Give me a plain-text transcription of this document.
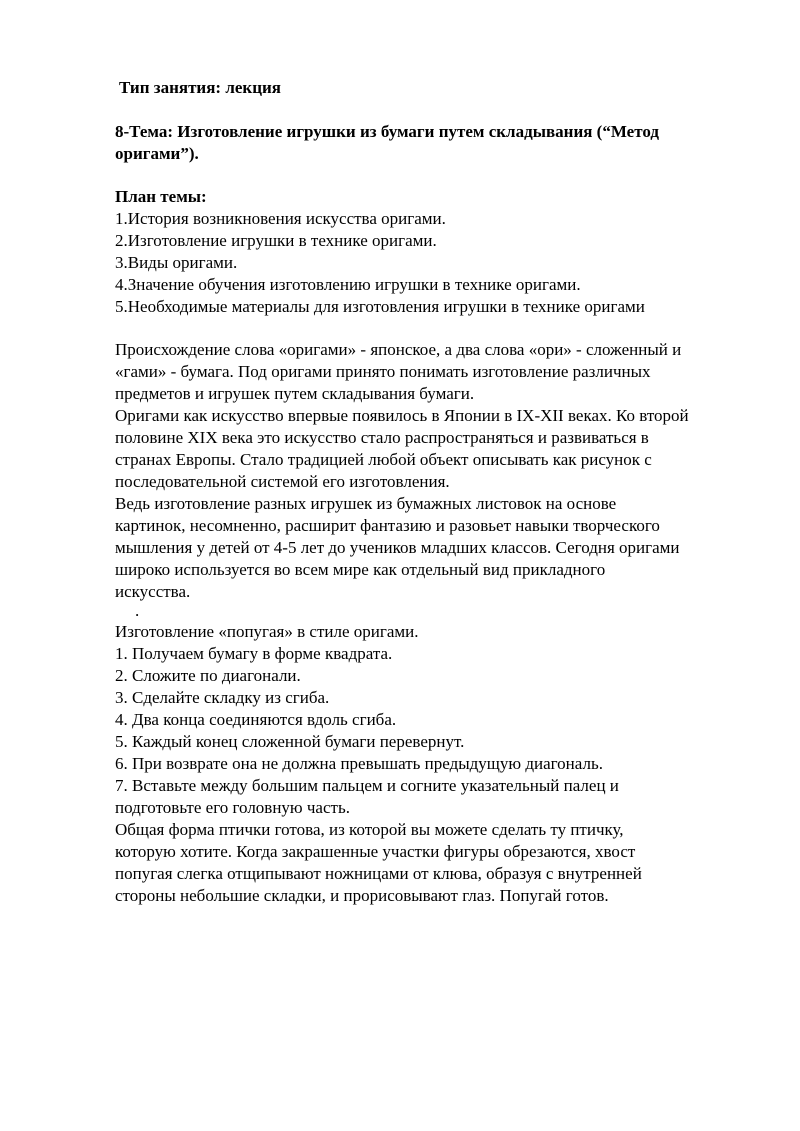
Тип занятия: лекция
8-Тема: Изготовление игрушки из бумаги путем складывания (“Метод
оригами”).
План темы:
1.История возникновения искусства оригами.
2.Изготовление игрушки в технике оригами.
3.Виды оригами.
4.Значение обучения изготовлению игрушки в технике оригами.
5.Необходимые материалы для изготовления игрушки в технике оригами
Происхождение слова «оригами» - японское, а два слова «ори» - сложенный и
«гами» - бумага. Под оригами принято понимать изготовление различных
предметов и игрушек путем складывания бумаги.
Оригами как искусство впервые появилось в Японии в IX-XII веках. Ко второй
половине XIX века это искусство стало распространяться и развиваться в
странах Европы. Стало традицией любой объект описывать как рисунок с
последовательной системой его изготовления.
Ведь изготовление разных игрушек из бумажных листовок на основе
картинок, несомненно, расширит фантазию и разовьет навыки творческого
мышления у детей от 4-5 лет до учеников младших классов. Сегодня оригами
широко используется во всем мире как отдельный вид прикладного
искусства.
.
Изготовление «попугая» в стиле оригами.
1. Получаем бумагу в форме квадрата.
2. Сложите по диагонали.
3. Сделайте складку из сгиба.
4. Два конца соединяются вдоль сгиба.
5. Каждый конец сложенной бумаги перевернут.
6. При возврате она не должна превышать предыдущую диагональ.
7. Вставьте между большим пальцем и согните указательный палец и
подготовьте его головную часть.
Общая форма птички готова, из которой вы можете сделать ту птичку,
которую хотите. Когда закрашенные участки фигуры обрезаются, хвост
попугая слегка отщипывают ножницами от клюва, образуя с внутренней
стороны небольшие складки, и прорисовывают глаз. Попугай готов.
